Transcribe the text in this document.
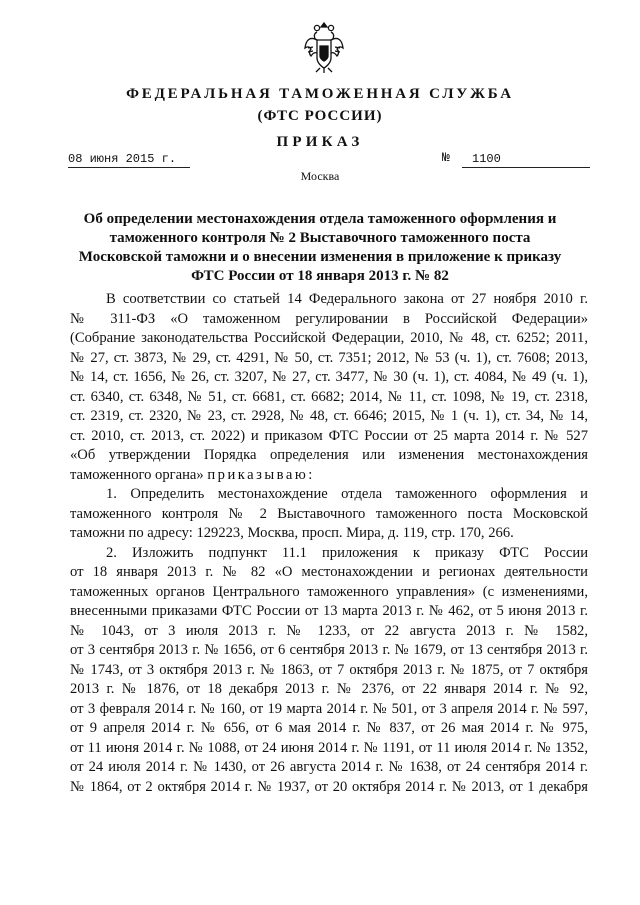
ФЕДЕРАЛЬНАЯ ТАМОЖЕННАЯ СЛУЖБА
(ФТС РОССИИ)
ПРИКАЗ
08 июня 2015 г.	№	1100
Москва
Об определении местонахождения отдела таможенного оформления и
таможенного контроля № 2 Выставочного таможенного поста
Московской таможни и о внесении изменения в приложение к приказу
ФТС России от 18 января 2013 г. № 82
В соответствии со статьей 14 Федерального закона от 27 ноября 2010 г.
№ 311-ФЗ «О таможенном регулировании в Российской Федерации»
(Собрание законодательства Российской Федерации, 2010, № 48, ст. 6252; 2011,
№ 27, ст. 3873, № 29, ст. 4291, № 50, ст. 7351; 2012, № 53 (ч. 1), ст. 7608; 2013,
№ 14, ст. 1656, № 26, ст. 3207, № 27, ст. 3477, № 30 (ч. 1), ст. 4084, № 49 (ч. 1),
ст. 6340, ст. 6348, № 51, ст. 6681, ст. 6682; 2014, № 11, ст. 1098, № 19, ст. 2318,
ст. 2319, ст. 2320, № 23, ст. 2928, № 48, ст. 6646; 2015, № 1 (ч. 1), ст. 34, № 14,
ст. 2010, ст. 2013, ст. 2022) и приказом ФТС России от 25 марта 2014 г. № 527
«Об утверждении Порядка определения или изменения местонахождения
таможенного органа» приказываю:
1. Определить местонахождение отдела таможенного оформления и
таможенного контроля № 2 Выставочного таможенного поста Московской
таможни по адресу: 129223, Москва, просп. Мира, д. 119, стр. 170, 266.
2. Изложить подпункт 11.1 приложения к приказу ФТС России
от 18 января 2013 г. № 82 «О местонахождении и регионах деятельности
таможенных органов Центрального таможенного управления» (с изменениями,
внесенными приказами ФТС России от 13 марта 2013 г. № 462, от 5 июня 2013 г.
№ 1043, от 3 июля 2013 г. № 1233, от 22 августа 2013 г. № 1582,
от 3 сентября 2013 г. № 1656, от 6 сентября 2013 г. № 1679, от 13 сентября 2013 г.
№ 1743, от 3 октября 2013 г. № 1863, от 7 октября 2013 г. № 1875, от 7 октября
2013 г. № 1876, от 18 декабря 2013 г. № 2376, от 22 января 2014 г. № 92,
от 3 февраля 2014 г. № 160, от 19 марта 2014 г. № 501, от 3 апреля 2014 г. № 597,
от 9 апреля 2014 г. № 656, от 6 мая 2014 г. № 837, от 26 мая 2014 г. № 975,
от 11 июня 2014 г. № 1088, от 24 июня 2014 г. № 1191, от 11 июля 2014 г. № 1352,
от 24 июля 2014 г. № 1430, от 26 августа 2014 г. № 1638, от 24 сентября 2014 г.
№ 1864, от 2 октября 2014 г. № 1937, от 20 октября 2014 г. № 2013, от 1 декабря
